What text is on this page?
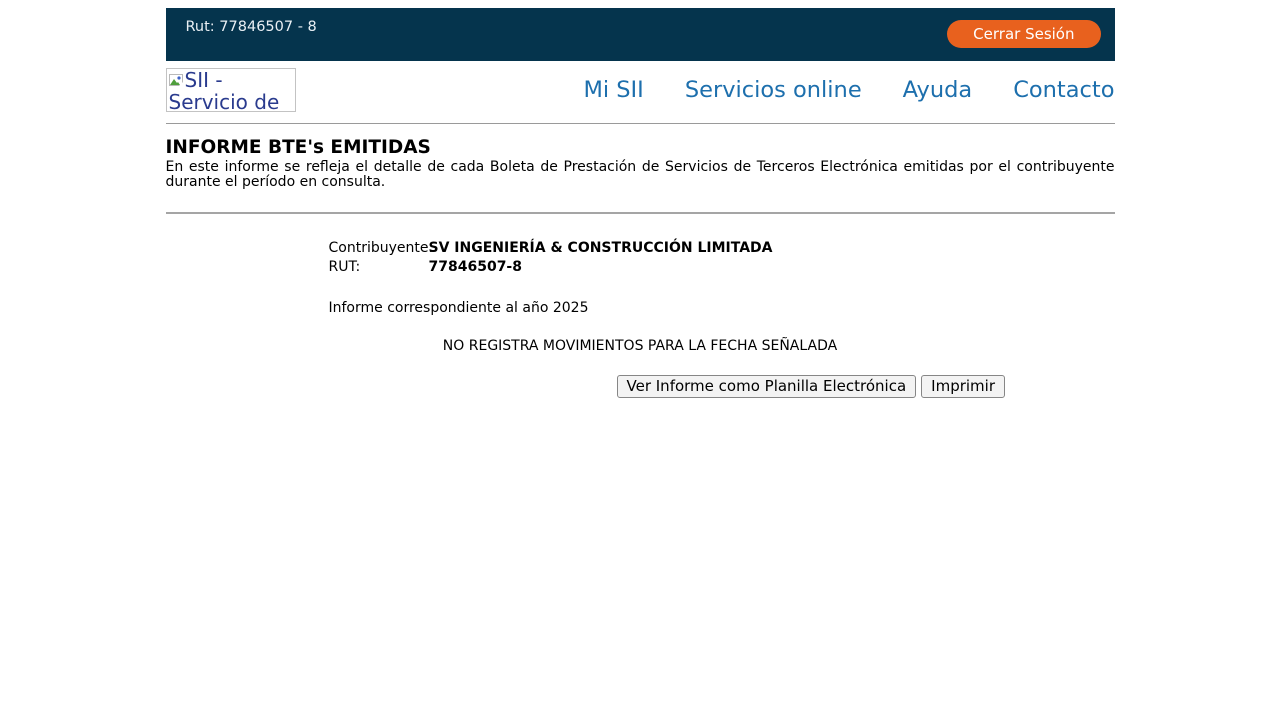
Rut: 77846507 - 8	Cerrar Sesión
SII - Servicio de	Mi SII Servicios online Ayuda Contacto
INFORME BTE's EMITIDAS

En este informe se refleja el detalle de cada Boleta de Prestación de Servicios de Terceros Electrónica emitidas por el contribuyente durante el período en consulta.

Contribuyente:
SV INGENIERÍA & CONSTRUCCIÓN LIMITADA
RUT:	77846507-8
Informe correspondiente al año 2025
NO REGISTRA MOVIMIENTOS PARA LA FECHA SEÑALADA
Ver Informe como Planilla Electrónica	Imprimir
